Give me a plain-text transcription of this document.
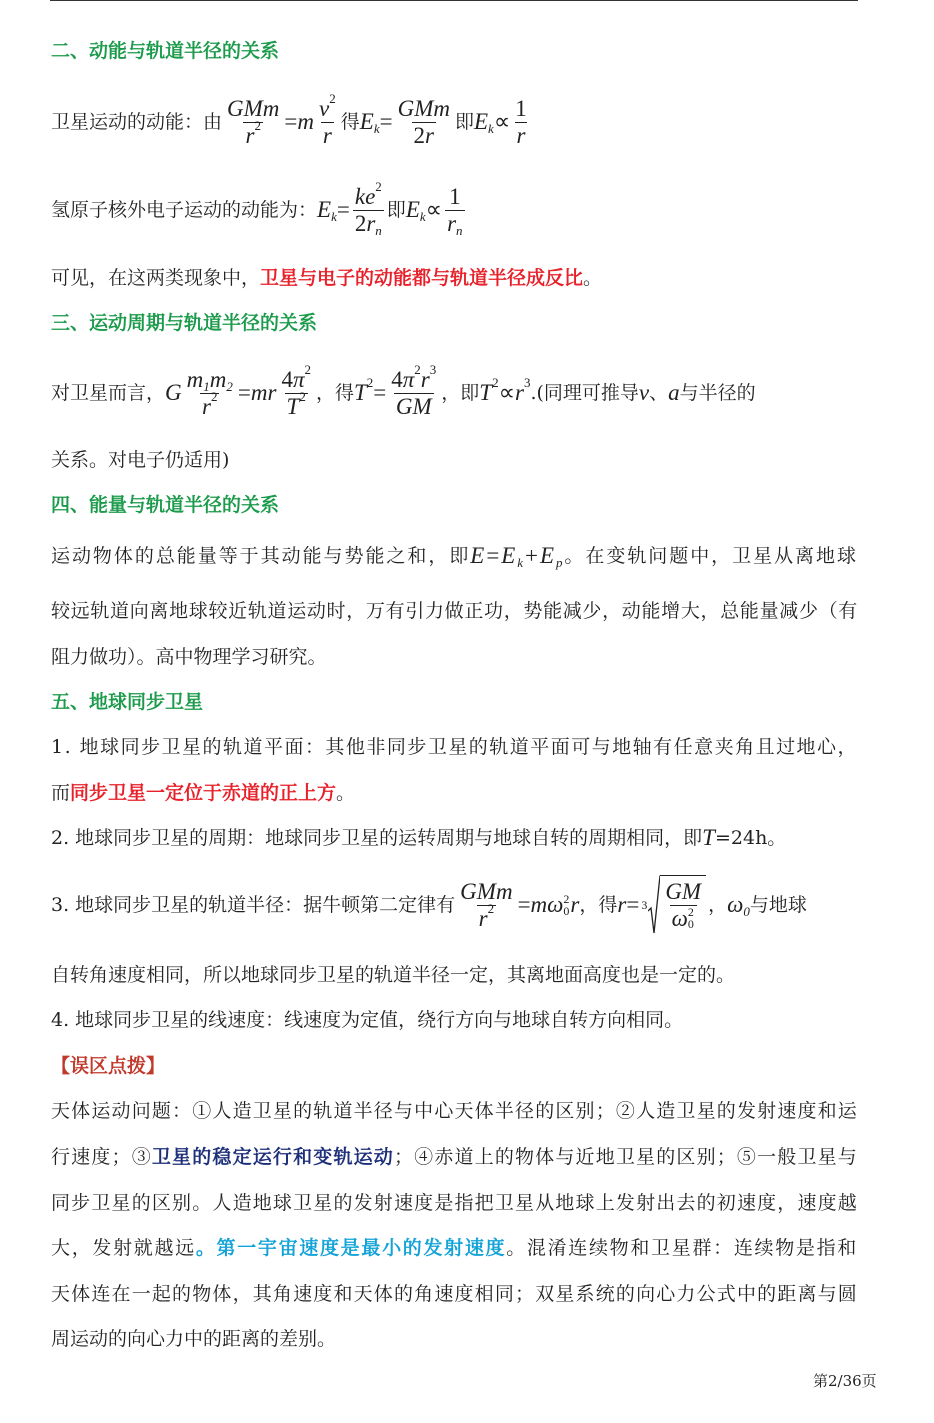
二、动能与轨道半径的关系
卫星运动的动能：由 $\frac{\text{GMm}}{r 2} = m \frac{v 2}{r}$ 得 E $k = \frac{\text{GMm}}{2 r}$ 即 E $k \propto \frac{1}{r}$
氢原子核外电子运动的动能为： E $k = \frac{ke 2}{\text{2 r n}}$ 即 E $k \propto \frac{1}{\text{r n}}$
可见，在这两类现象中， 卫星与电子的动能都与轨道半径成反比 。
三、运动周期与轨道半径的关系
对卫星而言， G $\frac{m 1 m 2}{r 2}$ = mr $\frac{4 \pi 2}{T 2}$ ，得 T $2 = \frac{4 \pi 2 r 3}{GM}$ ，即 T 2 ∝ r 3 .(同理可推导 v 、 a 与半径的
关系。对电子仍适用)
四、能量与轨道半径的关系
运动物体的总能量等于其动能与势能之和，即 E = E k + E p 。在变轨问题中，卫星从离地球
较远轨道向离地球较近轨道运动时，万有引力做正功，势能减少，动能增大，总能量减少（有
阻力做功）。高中物理学习研究。
五、地球同步卫星
1. 地球同步卫星的轨道平面：其他非同步卫星的轨道平面可与地轴有任意夹角且过地心，
而 同步卫星一定位于赤道的正上方 。
2. 地球同步卫星的周期：地球同步卫星的运转周期与地球自转的周期相同，即 T =24h。
3. 地球同步卫星的轨道半径：据牛顿第二定律有 $\frac{\text{GMm}}{r 2} = m\omega$ 2
0 r ，得 r = 3 GM
ω 2
0 ， ω 0 与地球
自转角速度相同，所以地球同步卫星的轨道半径一定，其离地面高度也是一定的。
4. 地球同步卫星的线速度：线速度为定值，绕行方向与地球自转方向相同。
【误区点拨】
天体运动问题：①人造卫星的轨道半径与中心天体半径的区别；②人造卫星的发射速度和运
行速度；③ 卫星的稳定运行和变轨运动 ；④赤道上的物体与近地卫星的区别；⑤一般卫星与
同步卫星的区别。人造地球卫星的发射速度是指把卫星从地球上发射出去的初速度，速度越
大，发射就越远 。第一宇宙速度是最小的发射速度 。混淆连续物和卫星群：连续物是指和
天体连在一起的物体，其角速度和天体的角速度相同；双星系统的向心力公式中的距离与圆
周运动的向心力中的距离的差别。
第2/36页
